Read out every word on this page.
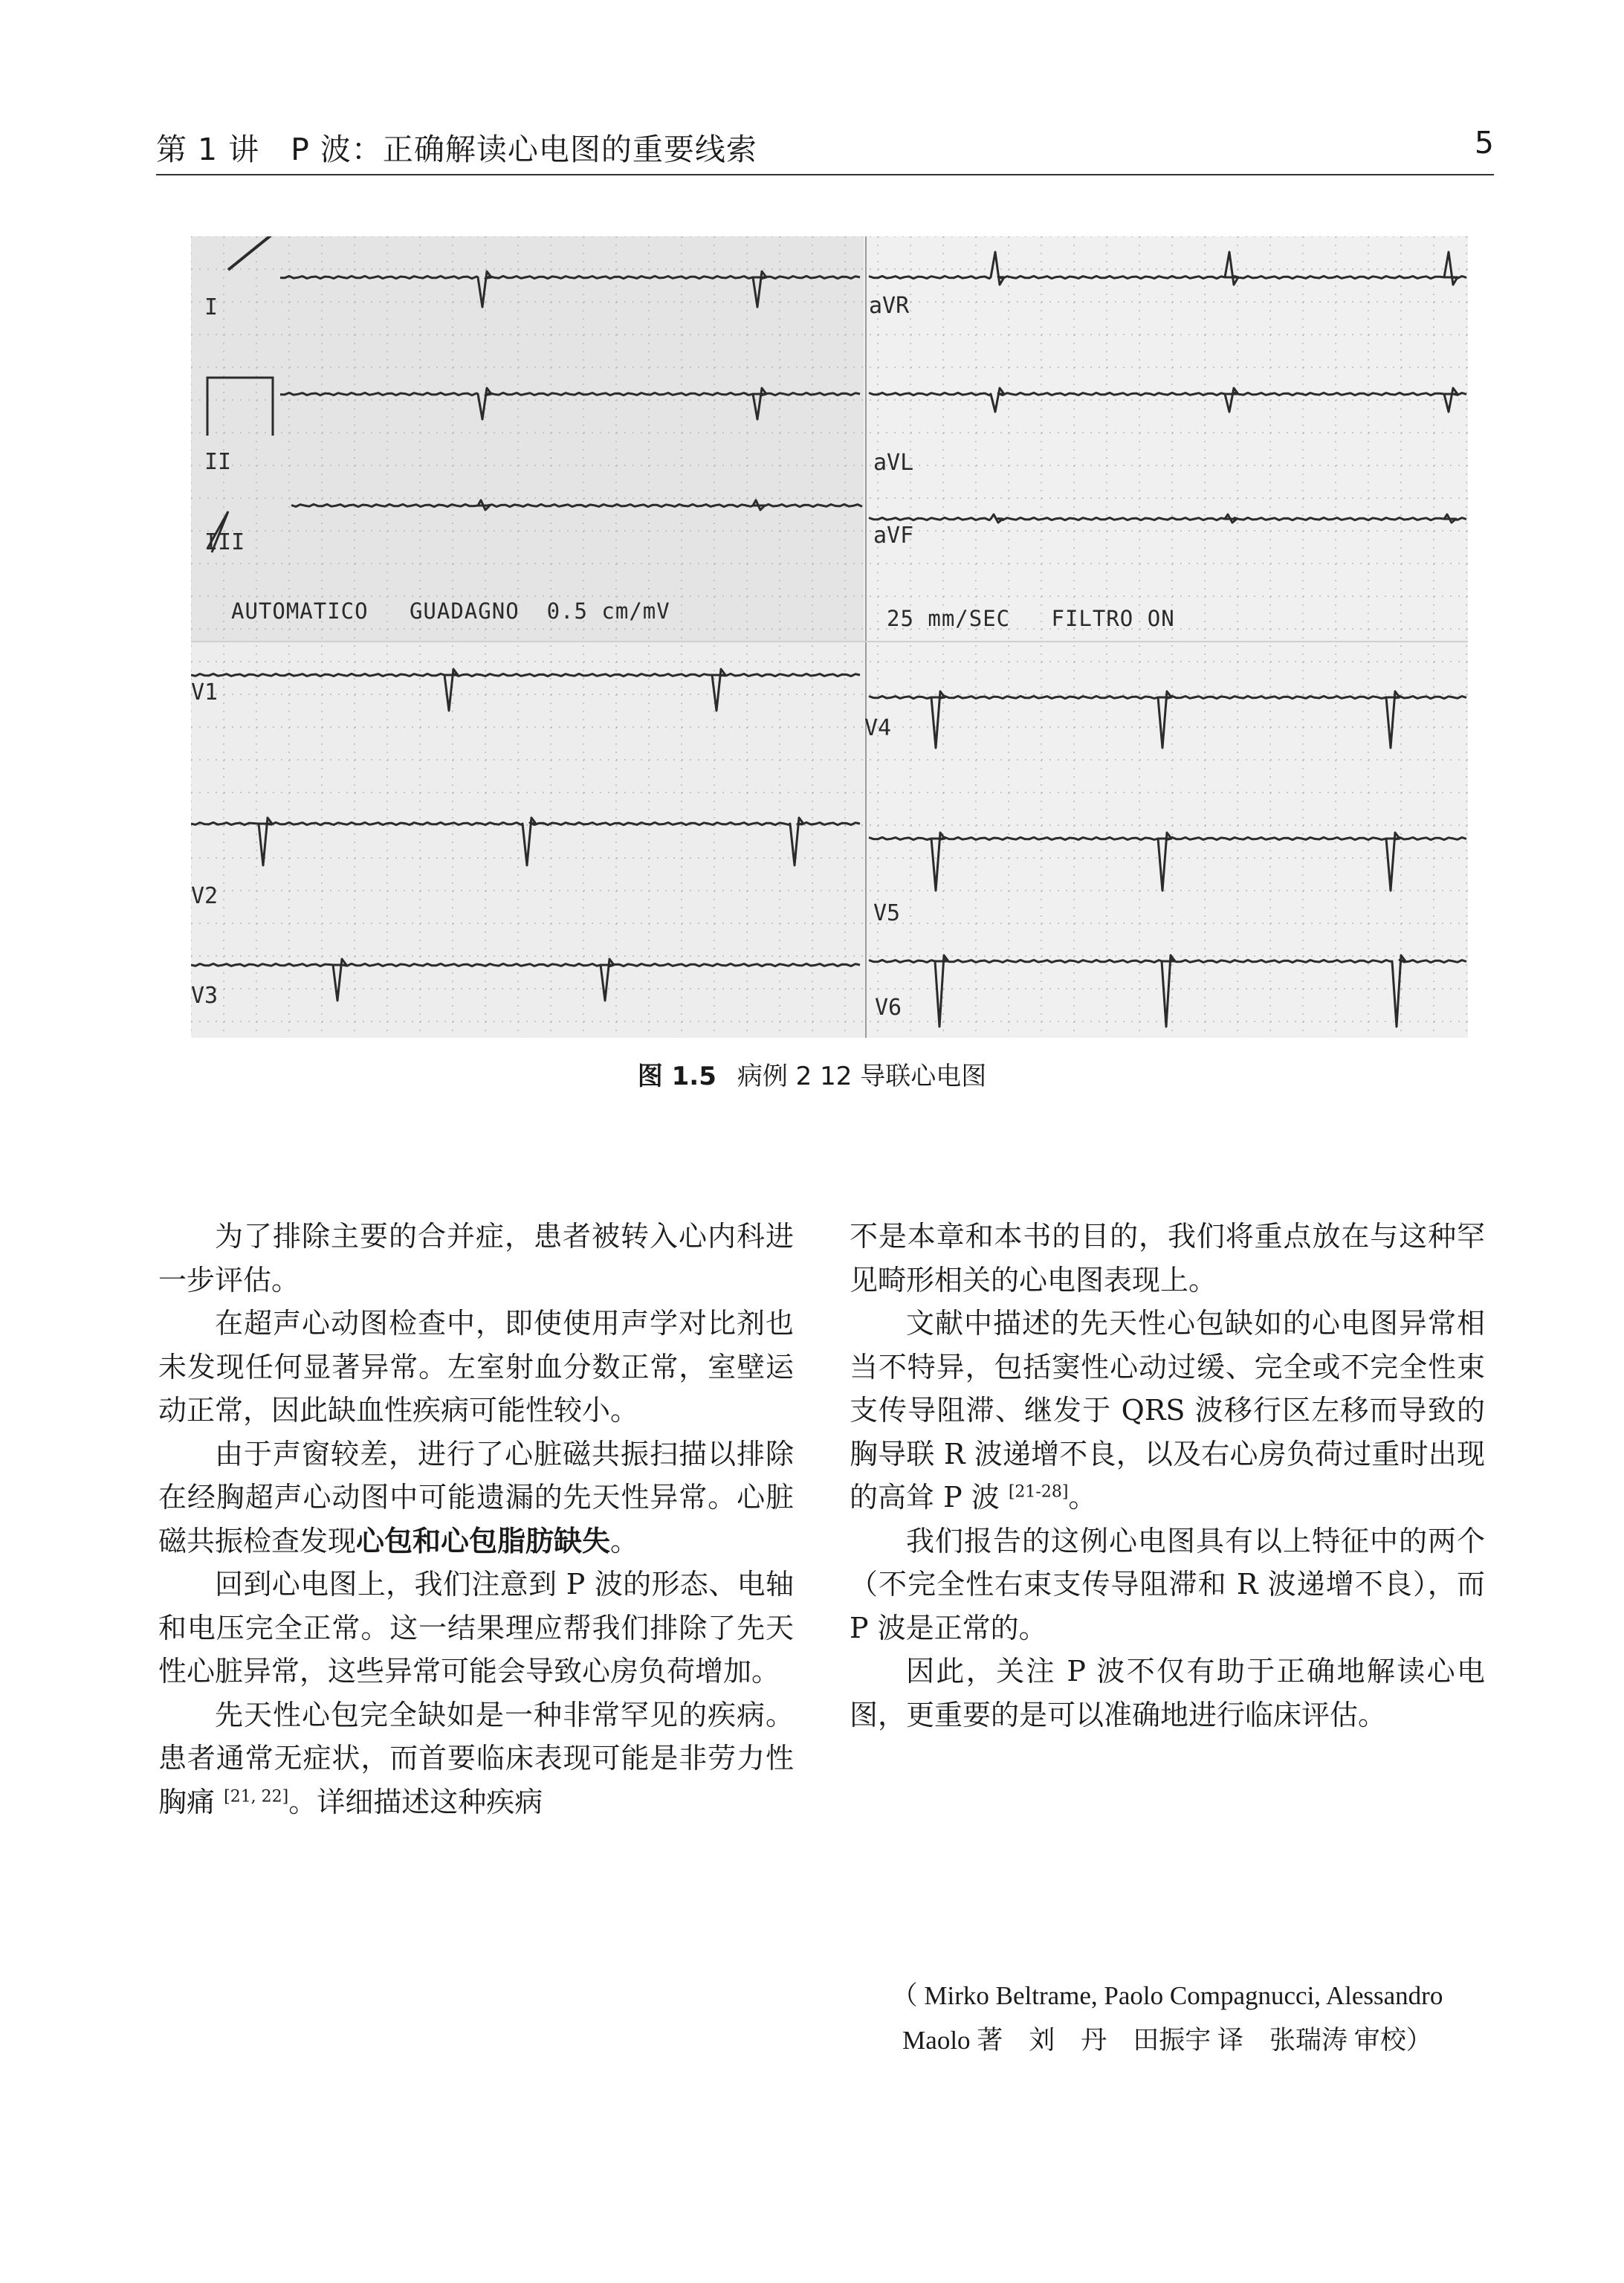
第 1 讲　P 波：正确解读心电图的重要线索	5
I
II
III
aVR
aVL
aVF
AUTOMATICO   GUADAGNO  0.5 cm/mV	25 mm/SEC   FILTRO ON
V1
V2
V3
V4
V5
V6
图 1.5 病例 2 12 导联心电图

为了排除主要的合并症，患者被转入心内科进一步评估。

在超声心动图检查中，即使使用声学对比剂也未发现任何显著异常。左室射血分数正常，室壁运动正常，因此缺血性疾病可能性较小。

由于声窗较差，进行了心脏磁共振扫描以排除在经胸超声心动图中可能遗漏的先天性异常。心脏磁共振检查发现心包和心包脂肪缺失。

回到心电图上，我们注意到 P 波的形态、电轴和电压完全正常。这一结果理应帮我们排除了先天性心脏异常，这些异常可能会导致心房负荷增加。

先天性心包完全缺如是一种非常罕见的疾病。患者通常无症状，而首要临床表现可能是非劳力性胸痛 [21, 22]。详细描述这种疾病

不是本章和本书的目的，我们将重点放在与这种罕见畸形相关的心电图表现上。

文献中描述的先天性心包缺如的心电图异常相当不特异，包括窦性心动过缓、完全或不完全性束支传导阻滞、继发于 QRS 波移行区左移而导致的胸导联 R 波递增不良，以及右心房负荷过重时出现的高耸 P 波 [21-28]。

我们报告的这例心电图具有以上特征中的两个（不完全性右束支传导阻滞和 R 波递增不良），而 P 波是正常的。

因此，关注 P 波不仅有助于正确地解读心电图，更重要的是可以准确地进行临床评估。

（ Mirko Beltrame, Paolo Compagnucci, Alessandro
Maolo 著　刘　丹　田振宇 译　张瑞涛 审校）
